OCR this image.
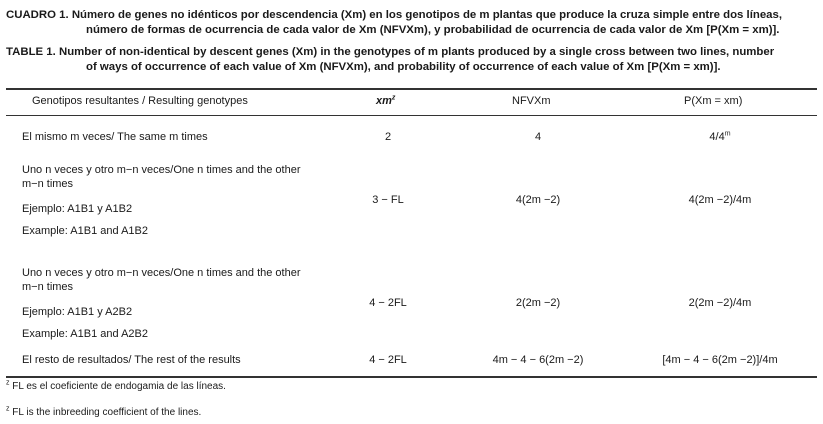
CUADRO 1. Número de genes no idénticos por descendencia (Xm) en los genotipos de m plantas que produce la cruza simple entre dos líneas,
número de formas de ocurrencia de cada valor de Xm (NFVXm), y probabilidad de ocurrencia de cada valor de Xm [P(Xm = xm)].
TABLE 1. Number of non-identical by descent genes (Xm) in the genotypes of m plants produced by a single cross between two lines, number
of ways of occurrence of each value of Xm (NFVXm), and probability of occurrence of each value of Xm [P(Xm = xm)].
Genotipos resultantes / Resulting genotypes	$xm^z$	NFVXm	P(Xm = xm)
El mismo m veces/ The same m times	2	4	4/4$^m$
Uno n veces y otro m−n veces/One n times and the other m−n times
Ejemplo: A1B1 y A1B2
Example: A1B1 and A1B2
3 − FL	4(2m −2)	4(2m −2)/4m
Uno n veces y otro m−n veces/One n times and the other m−n times
Ejemplo: A1B1 y A2B2
Example: A1B1 and A2B2
4 − 2FL	2(2m −2)	2(2m −2)/4m
El resto de resultados/ The rest of the results	4 − 2FL	4m − 4 − 6(2m −2)	[4m − 4 − 6(2m −2)]/4m
$^z$ FL es el coeficiente de endogamia de las líneas.
$^z$ FL is the inbreeding coefficient of the lines.
